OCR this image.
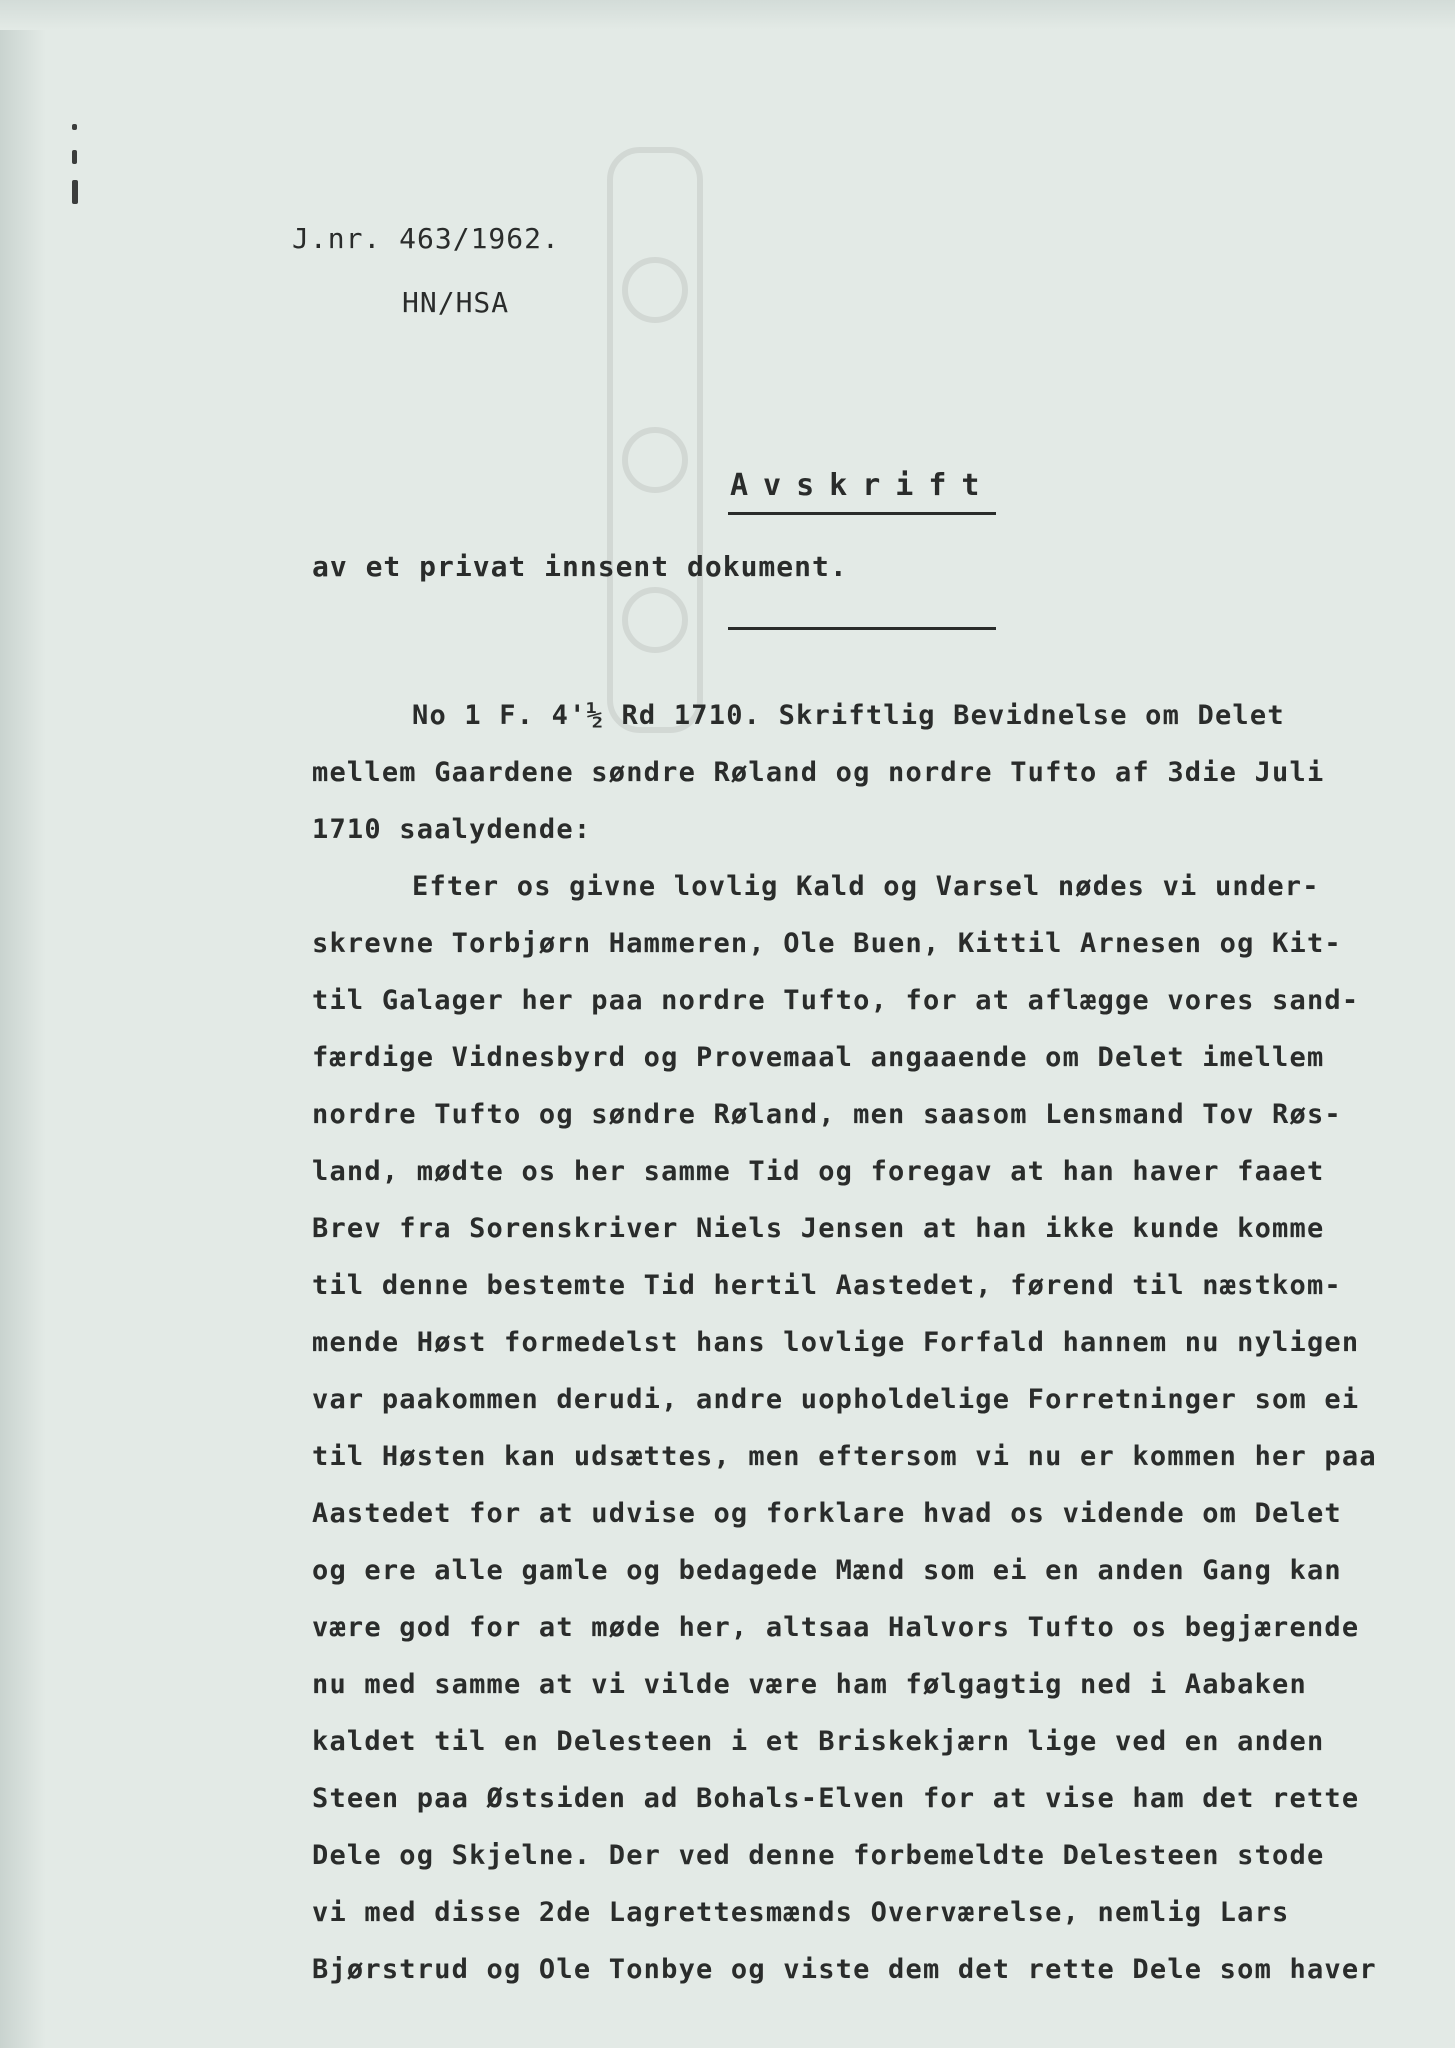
J.nr. 463/1962.
HN/HSA
Avskrift
av et privat innsent dokument.
No 1 F. 4'½ Rd 1710. Skriftlig Bevidnelse om Delet
mellem Gaardene søndre Røland og nordre Tufto af 3die Juli
1710 saalydende:
Efter os givne lovlig Kald og Varsel nødes vi under-
skrevne Torbjørn Hammeren, Ole Buen, Kittil Arnesen og Kit-
til Galager her paa nordre Tufto, for at aflægge vores sand-
færdige Vidnesbyrd og Provemaal angaaende om Delet imellem
nordre Tufto og søndre Røland, men saasom Lensmand Tov Røs-
land, mødte os her samme Tid og foregav at han haver faaet
Brev fra Sorenskriver Niels Jensen at han ikke kunde komme
til denne bestemte Tid hertil Aastedet, førend til næstkom-
mende Høst formedelst hans lovlige Forfald hannem nu nyligen
var paakommen derudi, andre uopholdelige Forretninger som ei
til Høsten kan udsættes, men eftersom vi nu er kommen her paa
Aastedet for at udvise og forklare hvad os vidende om Delet
og ere alle gamle og bedagede Mænd som ei en anden Gang kan
være god for at møde her, altsaa Halvors Tufto os begjærende
nu med samme at vi vilde være ham følgagtig ned i Aabaken
kaldet til en Delesteen i et Briskekjærn lige ved en anden
Steen paa Østsiden ad Bohals-Elven for at vise ham det rette
Dele og Skjelne. Der ved denne forbemeldte Delesteen stode
vi med disse 2de Lagrettesmænds Overværelse, nemlig Lars
Bjørstrud og Ole Tonbye og viste dem det rette Dele som haver
